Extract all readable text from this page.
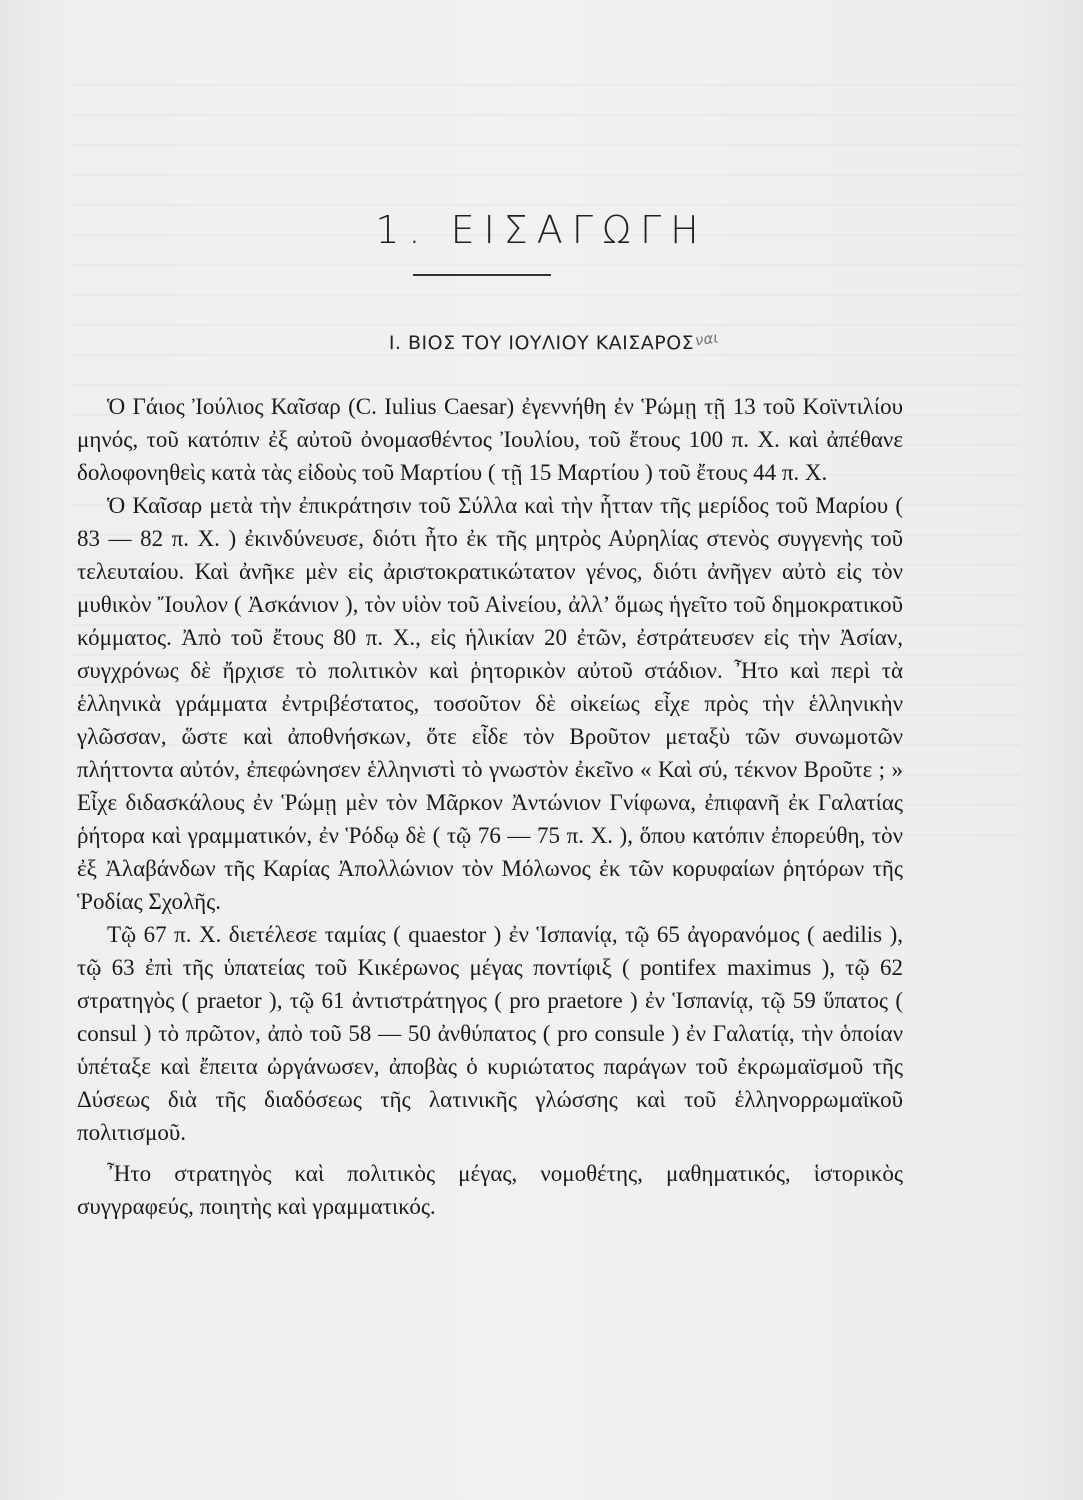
1. ΕΙΣΑΓΩΓΗ
Ι. ΒΙΟΣ ΤΟΥ ΙΟΥΛΙΟΥ ΚΑΙΣΑΡΟΣ ναι

Ὁ Γάιος Ἰούλιος Καῖσαρ (C. Iulius Caesar) ἐγεννήθη ἐν Ῥώμῃ τῇ 13 τοῦ Κοϊντιλίου μηνός, τοῦ κατόπιν ἐξ αὐτοῦ ὀνομασθέντος Ἰουλίου, τοῦ ἔτους 100 π. Χ. καὶ ἀπέθανε δολοφονηθεὶς κατὰ τὰς εἰδοὺς τοῦ Μαρτίου ( τῇ 15 Μαρτίου ) τοῦ ἔτους 44 π. Χ.

Ὁ Καῖσαρ μετὰ τὴν ἐπικράτησιν τοῦ Σύλλα καὶ τὴν ἧτταν τῆς μερίδος τοῦ Μαρίου ( 83 — 82 π. Χ. ) ἐκινδύνευσε, διότι ἦτο ἐκ τῆς μητρὸς Αὐρηλίας στενὸς συγγενὴς τοῦ τελευταίου. Καὶ ἀνῆκε μὲν εἰς ἀριστοκρατικώτατον γένος, διότι ἀνῆγεν αὐτὸ εἰς τὸν μυθικὸν Ἴουλον ( Ἀσκάνιον ), τὸν υἱὸν τοῦ Αἰνείου, ἀλλ’ ὅμως ἡγεῖτο τοῦ δημοκρατικοῦ κόμματος. Ἀπὸ τοῦ ἔτους 80 π. Χ., εἰς ἡλικίαν 20 ἐτῶν, ἐστράτευσεν εἰς τὴν Ἀσίαν, συγχρόνως δὲ ἤρχισε τὸ πολιτικὸν καὶ ῥητορικὸν αὐτοῦ στάδιον. Ἦτο καὶ περὶ τὰ ἑλληνικὰ γράμματα ἐντριβέστατος, τοσοῦτον δὲ οἰκείως εἶχε πρὸς τὴν ἑλληνικὴν γλῶσσαν, ὥστε καὶ ἀποθνήσκων, ὅτε εἶδε τὸν Βροῦτον μεταξὺ τῶν συνωμοτῶν πλήττοντα αὐτόν, ἐπεφώνησεν ἑλληνιστὶ τὸ γνωστὸν ἐκεῖνο « Καὶ σύ, τέκνον Βροῦτε ; » Εἶχε διδασκάλους ἐν Ῥώμῃ μὲν τὸν Μᾶρκον Ἀντώνιον Γνίφωνα, ἐπιφανῆ ἐκ Γαλατίας ῥήτορα καὶ γραμματικόν, ἐν Ῥόδῳ δὲ ( τῷ 76 — 75 π. Χ. ), ὅπου κατόπιν ἐπορεύθη, τὸν ἐξ Ἀλαβάνδων τῆς Καρίας Ἀπολλώνιον τὸν Μόλωνος ἐκ τῶν κορυφαίων ῥητόρων τῆς Ῥοδίας Σχολῆς.

Τῷ 67 π. Χ. διετέλεσε ταμίας ( quaestor ) ἐν Ἱσπανίᾳ, τῷ 65 ἀγορανόμος ( aedilis ), τῷ 63 ἐπὶ τῆς ὑπατείας τοῦ Κικέρωνος μέγας ποντίφιξ ( pontifex maximus ), τῷ 62 στρατηγὸς ( praetor ), τῷ 61 ἀντιστράτηγος ( pro praetore ) ἐν Ἱσπανίᾳ, τῷ 59 ὕπατος ( consul ) τὸ πρῶτον, ἀπὸ τοῦ 58 — 50 ἀνθύπατος ( pro consule ) ἐν Γαλατίᾳ, τὴν ὁποίαν ὑπέταξε καὶ ἔπειτα ὠργάνωσεν, ἀποβὰς ὁ κυριώτατος παράγων τοῦ ἐκρωμαϊσμοῦ τῆς Δύσεως διὰ τῆς διαδόσεως τῆς λατινικῆς γλώσσης καὶ τοῦ ἑλληνορρωμαϊκοῦ πολιτισμοῦ.

Ἦτο στρατηγὸς καὶ πολιτικὸς μέγας, νομοθέτης, μαθηματικός, ἱστορικὸς συγγραφεύς, ποιητὴς καὶ γραμματικός.
